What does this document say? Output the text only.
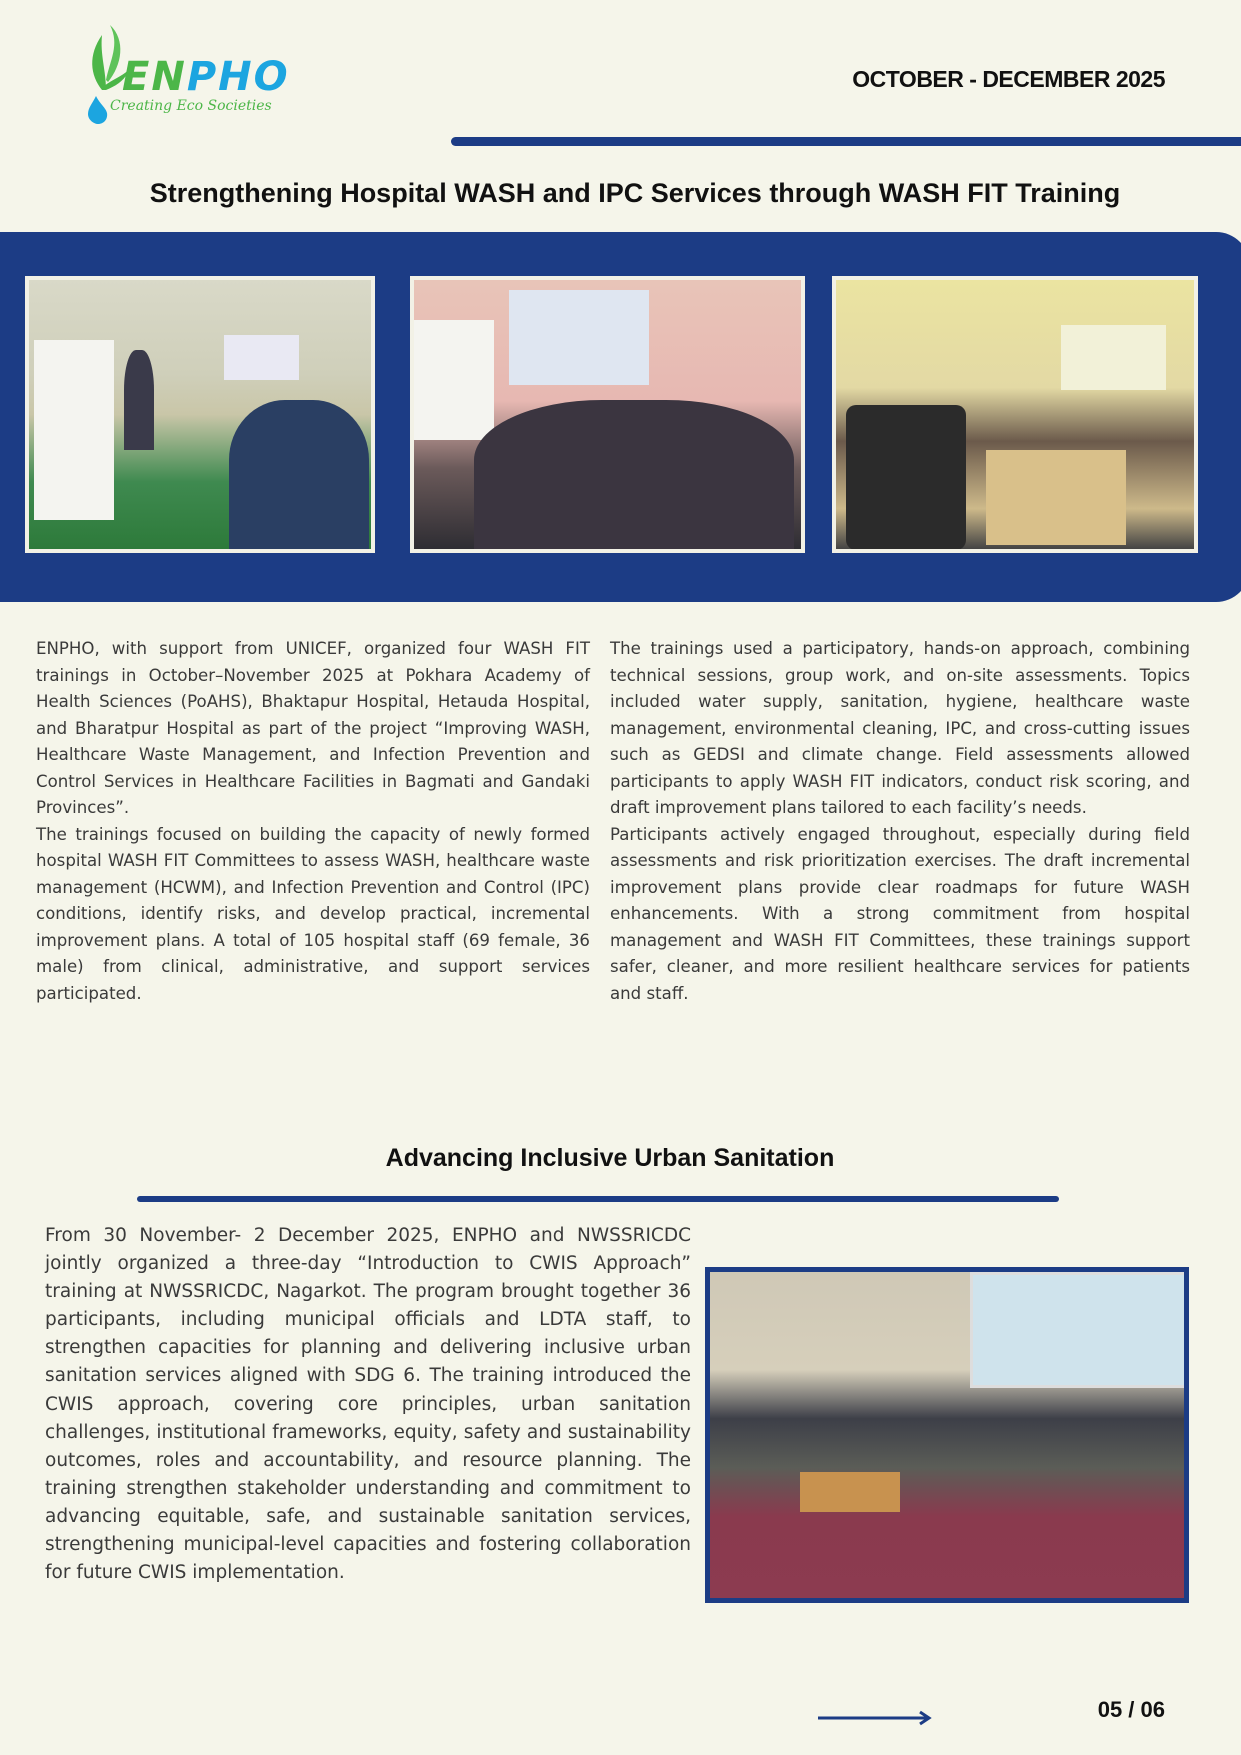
ENPHO
Creating Eco Societies
OCTOBER - DECEMBER 2025
Strengthening Hospital WASH and IPC Services through WASH FIT Training

ENPHO, with support from UNICEF, organized four WASH FIT trainings in October–November 2025 at Pokhara Academy of Health Sciences (PoAHS), Bhaktapur Hospital, Hetauda Hospital, and Bharatpur Hospital as part of the project “Improving WASH, Healthcare Waste Management, and Infection Prevention and Control Services in Healthcare Facilities in Bagmati and Gandaki Provinces”.

The trainings focused on building the capacity of newly formed hospital WASH FIT Committees to assess WASH, healthcare waste management (HCWM), and Infection Prevention and Control (IPC) conditions, identify risks, and develop practical, incremental improvement plans. A total of 105 hospital staff (69 female, 36 male) from clinical, administrative, and support services participated.

The trainings used a participatory, hands-on approach, combining technical sessions, group work, and on-site assessments. Topics included water supply, sanitation, hygiene, healthcare waste management, environmental cleaning, IPC, and cross-cutting issues such as GEDSI and climate change. Field assessments allowed participants to apply WASH FIT indicators, conduct risk scoring, and draft improvement plans tailored to each facility’s needs.

Participants actively engaged throughout, especially during field assessments and risk prioritization exercises. The draft incremental improvement plans provide clear roadmaps for future WASH enhancements. With a strong commitment from hospital management and WASH FIT Committees, these trainings support safer, cleaner, and more resilient healthcare services for patients and staff.

Advancing Inclusive Urban Sanitation

From 30 November- 2 December 2025, ENPHO and NWSSRICDC jointly organized a three-day “Introduction to CWIS Approach” training at NWSSRICDC, Nagarkot. The program brought together 36 participants, including municipal officials and LDTA staff, to strengthen capacities for planning and delivering inclusive urban sanitation services aligned with SDG 6. The training introduced the CWIS approach, covering core principles, urban sanitation challenges, institutional frameworks, equity, safety and sustainability outcomes, roles and accountability, and resource planning. The training strengthen stakeholder understanding and commitment to advancing equitable, safe, and sustainable sanitation services, strengthening municipal-level capacities and fostering collaboration for future CWIS implementation.

05 / 06
